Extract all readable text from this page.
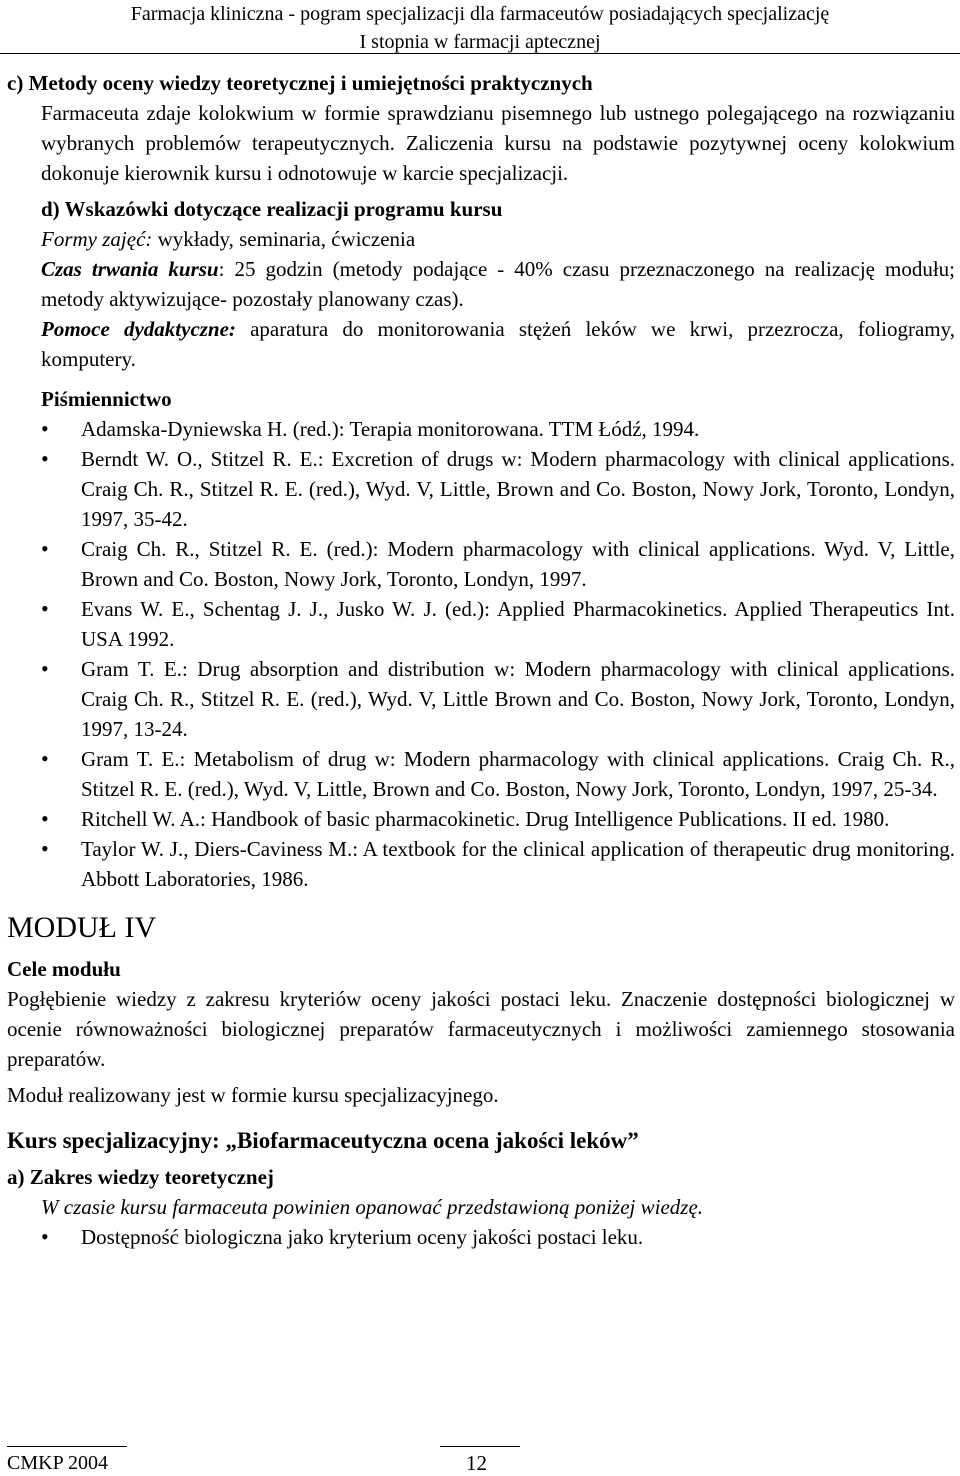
Farmacja kliniczna - pogram specjalizacji dla farmaceutów posiadających specjalizację
I stopnia w farmacji aptecznej

c) Metody oceny wiedzy teoretycznej i umiejętności praktycznych

Farmaceuta zdaje kolokwium w formie sprawdzianu pisemnego lub ustnego polegającego na rozwiązaniu wybranych problemów terapeutycznych. Zaliczenia kursu na podstawie pozytywnej oceny kolokwium dokonuje kierownik kursu i odnotowuje w karcie specjalizacji.

d) Wskazówki dotyczące realizacji programu kursu

Formy zajęć: wykłady, seminaria, ćwiczenia

Czas trwania kursu: 25 godzin (metody podające - 40% czasu przeznaczonego na realizację modułu; metody aktywizujące- pozostały planowany czas).

Pomoce dydaktyczne: aparatura do monitorowania stężeń leków we krwi, przezrocza, foliogramy, komputery.

Piśmiennictwo

• Adamska-Dyniewska H. (red.): Terapia monitorowana. TTM Łódź, 1994.
• Berndt W. O., Stitzel R. E.: Excretion of drugs w: Modern pharmacology with clinical applications. Craig Ch. R., Stitzel R. E. (red.), Wyd. V, Little, Brown and Co. Boston, Nowy Jork, Toronto, Londyn, 1997, 35-42.
• Craig Ch. R., Stitzel R. E. (red.): Modern pharmacology with clinical applications. Wyd. V, Little, Brown and Co. Boston, Nowy Jork, Toronto, Londyn, 1997.
• Evans W. E., Schentag J. J., Jusko W. J. (ed.): Applied Pharmacokinetics. Applied Therapeutics Int. USA 1992.
• Gram T. E.: Drug absorption and distribution w: Modern pharmacology with clinical applications. Craig Ch. R., Stitzel R. E. (red.), Wyd. V, Little Brown and Co. Boston, Nowy Jork, Toronto, Londyn, 1997, 13-24.
• Gram T. E.: Metabolism of drug w: Modern pharmacology with clinical applications. Craig Ch. R., Stitzel R. E. (red.), Wyd. V, Little, Brown and Co. Boston, Nowy Jork, Toronto, Londyn, 1997, 25-34.
• Ritchell W. A.: Handbook of basic pharmacokinetic. Drug Intelligence Publications. II ed. 1980.
• Taylor W. J., Diers-Caviness M.: A textbook for the clinical application of therapeutic drug monitoring. Abbott Laboratories, 1986.

MODUŁ IV

Cele modułu

Pogłębienie wiedzy z zakresu kryteriów oceny jakości postaci leku. Znaczenie dostępności biologicznej w ocenie równoważności biologicznej preparatów farmaceutycznych i możliwości zamiennego stosowania preparatów.

Moduł realizowany jest w formie kursu specjalizacyjnego.

Kurs specjalizacyjny: „Biofarmaceutyczna ocena jakości leków”

a) Zakres wiedzy teoretycznej

W czasie kursu farmaceuta powinien opanować przedstawioną poniżej wiedzę.

• Dostępność biologiczna jako kryterium oceny jakości postaci leku.
CMKP 2004	12
